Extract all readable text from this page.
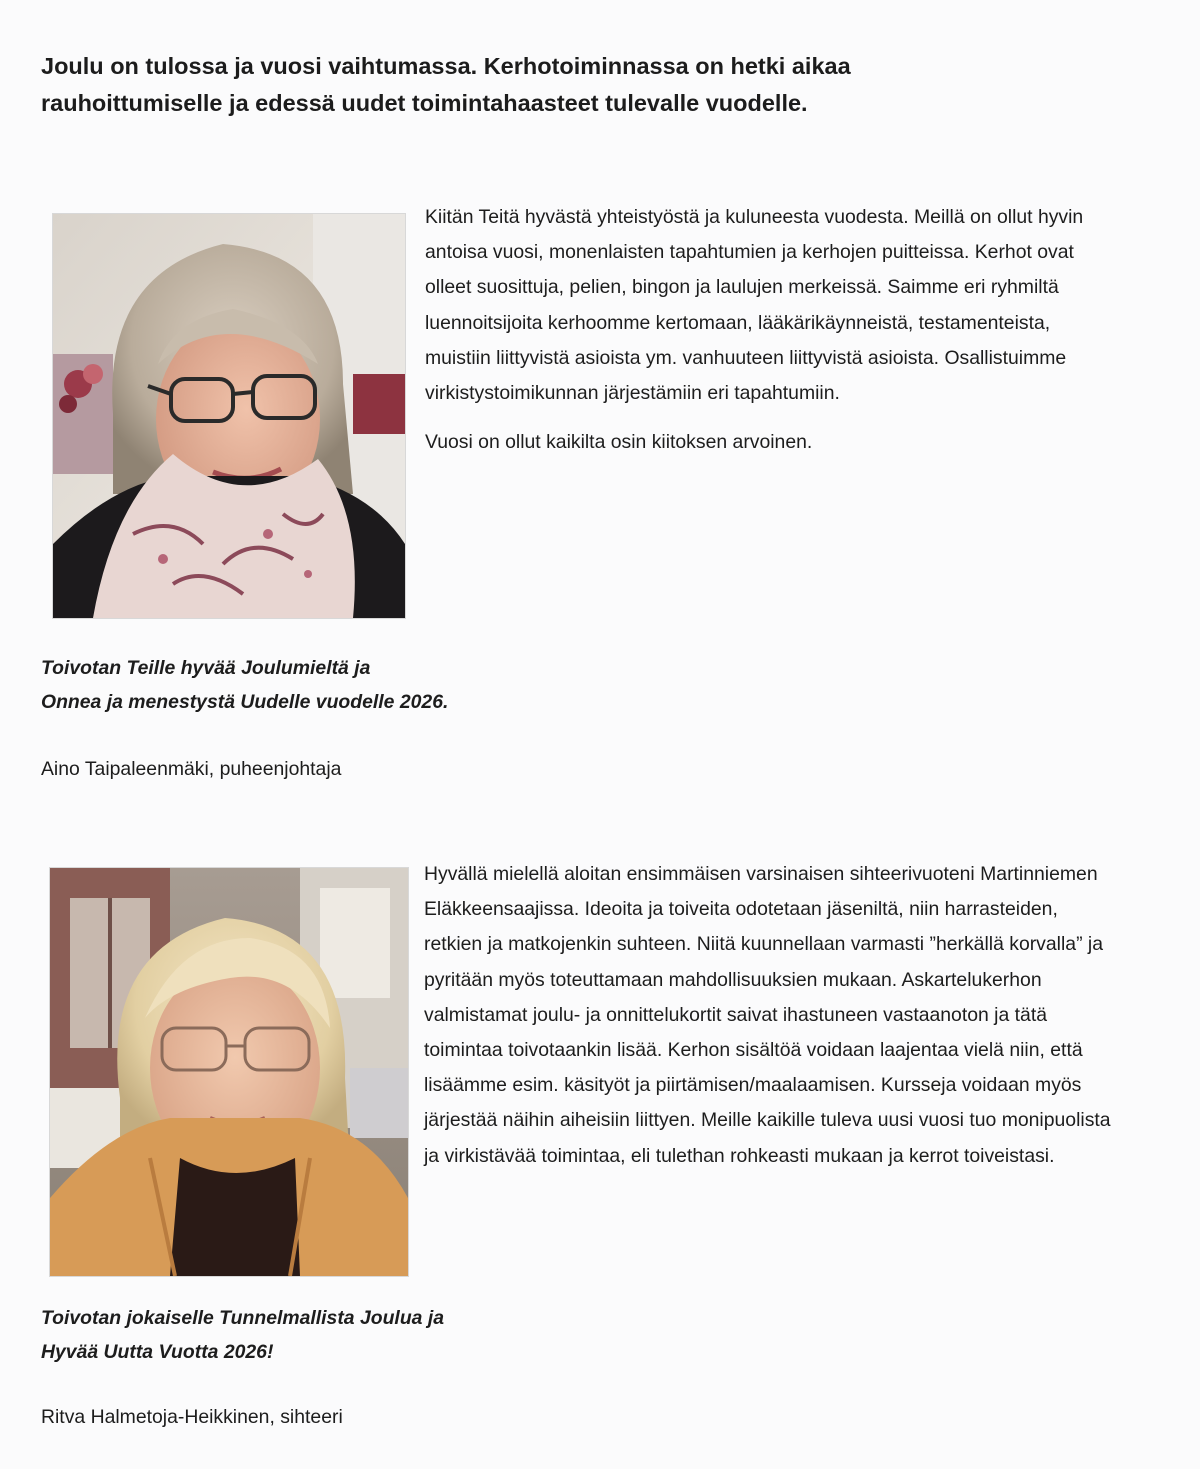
Joulu on tulossa ja vuosi vaihtumassa. Kerhotoiminnassa on hetki aikaa
rauhoittumiselle ja edessä uudet toimintahaasteet tulevalle vuodelle.

Kiitän Teitä hyvästä yhteistyöstä ja kuluneesta vuodesta. Meillä on ollut hyvin antoisa vuosi, monenlaisten tapahtumien ja kerhojen puitteissa. Kerhot ovat olleet suosittuja, pelien, bingon ja laulujen merkeissä. Saimme eri ryhmiltä luennoitsijoita kerhoomme kertomaan, lääkärikäynneistä, testamenteista, muistiin liittyvistä asioista ym. vanhuuteen liittyvistä asioista. Osallistuimme virkistystoimikunnan järjestämiin eri tapahtumiin.

Vuosi on ollut kaikilta osin kiitoksen arvoinen.

Toivotan Teille hyvää Joulumieltä ja
Onnea ja menestystä Uudelle vuodelle 2026.
Aino Taipaleenmäki, puheenjohtaja

Hyvällä mielellä aloitan ensimmäisen varsinaisen sihteerivuoteni Martinniemen Eläkkeensaajissa. Ideoita ja toiveita odotetaan jäseniltä, niin harrasteiden, retkien ja matkojenkin suhteen. Niitä kuunnellaan varmasti ”herkällä korvalla” ja pyritään myös toteuttamaan mahdollisuuksien mukaan. Askartelukerhon valmistamat joulu- ja onnittelukortit saivat ihastuneen vastaanoton ja tätä toimintaa toivotaankin lisää. Kerhon sisältöä voidaan laajentaa vielä niin, että lisäämme esim. käsityöt ja piirtämisen/maalaamisen. Kursseja voidaan myös järjestää näihin aiheisiin liittyen. Meille kaikille tuleva uusi vuosi tuo monipuolista ja virkistävää toimintaa, eli tulethan rohkeasti mukaan ja kerrot toiveistasi.

Toivotan jokaiselle Tunnelmallista Joulua ja
Hyvää Uutta Vuotta 2026!
Ritva Halmetoja-Heikkinen, sihteeri
